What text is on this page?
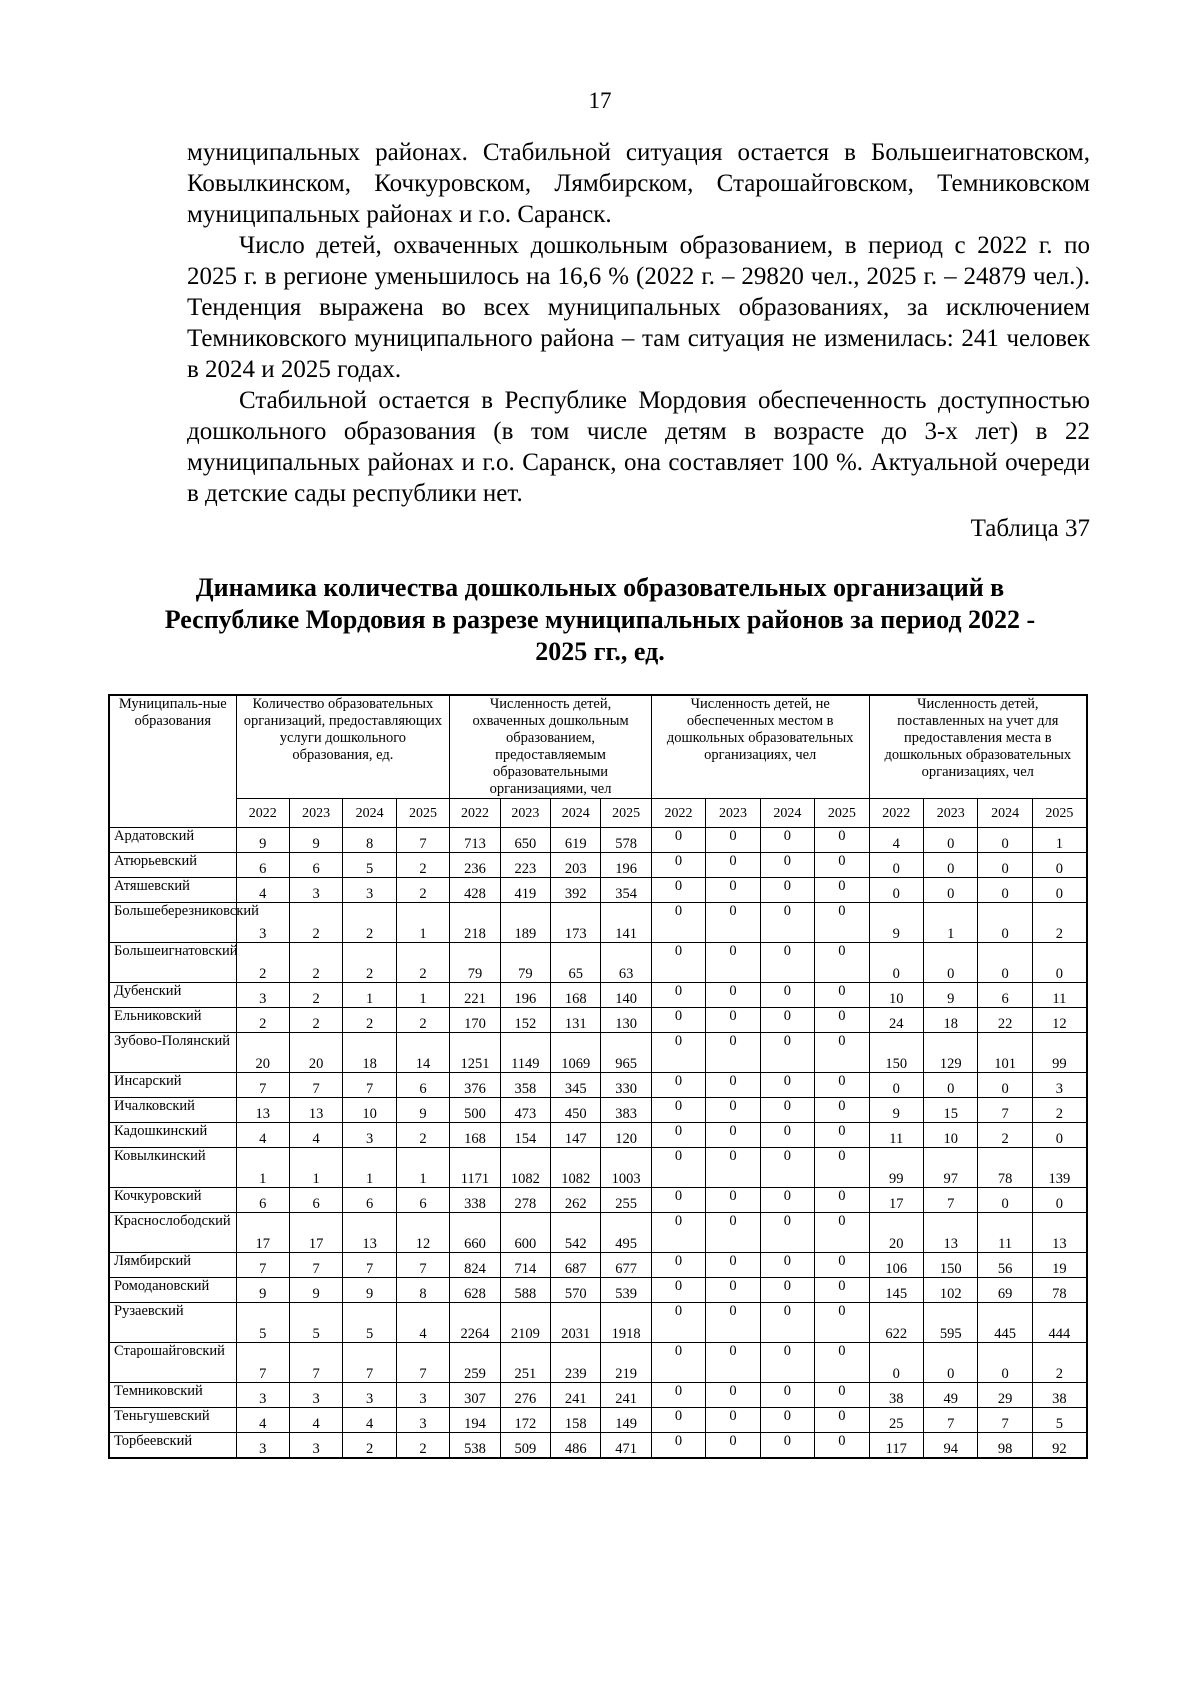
17

муниципальных районах. Стабильной ситуация остается в Большеигнатовском, Ковылкинском, Кочкуровском, Лямбирском, Старошайговском, Темниковском муниципальных районах и г.о. Саранск.

Число детей, охваченных дошкольным образованием, в период с 2022 г. по 2025 г. в регионе уменьшилось на 16,6 % (2022 г. – 29820 чел., 2025 г. – 24879 чел.). Тенденция выражена во всех муниципальных образованиях, за исключением Темниковского муниципального района – там ситуация не изменилась: 241 человек в 2024 и 2025 годах.

Стабильной остается в Республике Мордовия обеспеченность доступностью дошкольного образования (в том числе детям в возрасте до 3-х лет) в 22 муниципальных районах и г.о. Саранск, она составляет 100 %. Актуальной очереди в детские сады республики нет.

Таблица 37
Динамика количества дошкольных образовательных организаций в Республике Мордовия в разрезе муниципальных районов за период 2022 - 2025 гг., ед.
Муниципаль-ные образования	Количество образовательных организаций, предоставляющих услуги дошкольного образования, ед.				Численность детей, охваченных дошкольным образованием, предоставляемым образовательными организациями, чел				Численность детей, не обеспеченных местом в дошкольных образовательных организациях, чел				Численность детей, поставленных на учет для предоставления места в дошкольных образовательных организациях, чел			
	2022	2023	2024	2025	2022	2023	2024	2025	2022	2023	2024	2025	2022	2023	2024	2025
Ардатовский	9	9	8	7	713	650	619	578	0	0	0	0	4	0	0	1
Атюрьевский	6	6	5	2	236	223	203	196	0	0	0	0	0	0	0	0
Атяшевский	4	3	3	2	428	419	392	354	0	0	0	0	0	0	0	0
Большеберезниковский	3	2	2	1	218	189	173	141	0	0	0	0	9	1	0	2
Большеигнатовский	2	2	2	2	79	79	65	63	0	0	0	0	0	0	0	0
Дубенский	3	2	1	1	221	196	168	140	0	0	0	0	10	9	6	11
Ельниковский	2	2	2	2	170	152	131	130	0	0	0	0	24	18	22	12
Зубово-Полянский	20	20	18	14	1251	1149	1069	965	0	0	0	0	150	129	101	99
Инсарский	7	7	7	6	376	358	345	330	0	0	0	0	0	0	0	3
Ичалковский	13	13	10	9	500	473	450	383	0	0	0	0	9	15	7	2
Кадошкинский	4	4	3	2	168	154	147	120	0	0	0	0	11	10	2	0
Ковылкинский	1	1	1	1	1171	1082	1082	1003	0	0	0	0	99	97	78	139
Кочкуровский	6	6	6	6	338	278	262	255	0	0	0	0	17	7	0	0
Краснослободский	17	17	13	12	660	600	542	495	0	0	0	0	20	13	11	13
Лямбирский	7	7	7	7	824	714	687	677	0	0	0	0	106	150	56	19
Ромодановский	9	9	9	8	628	588	570	539	0	0	0	0	145	102	69	78
Рузаевский	5	5	5	4	2264	2109	2031	1918	0	0	0	0	622	595	445	444
Старошайговский	7	7	7	7	259	251	239	219	0	0	0	0	0	0	0	2
Темниковский	3	3	3	3	307	276	241	241	0	0	0	0	38	49	29	38
Теньгушевский	4	4	4	3	194	172	158	149	0	0	0	0	25	7	7	5
Торбеевский	3	3	2	2	538	509	486	471	0	0	0	0	117	94	98	92
